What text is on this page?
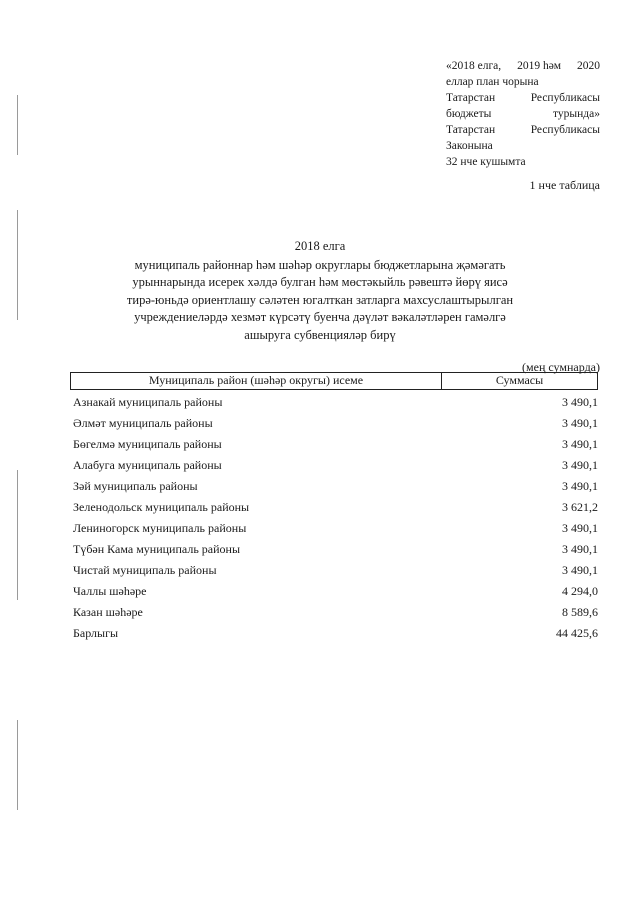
«2018 елга, 2019 һәм 2020
еллар план чорына
Татарстан	Республикасы
бюджеты	турында»
Татарстан	Республикасы
Законына
32 нче кушымта
1 нче таблица
2018 елга
муниципаль районнар һәм шәһәр округлары бюджетларына җәмәгать
урыннарында исерек хәлдә булган һәм мөстәкыйль рәвештә йөрү яисә
тирә-юньдә ориентлашу сәләтен югалткан затларга махсуслаштырылган
учреждениеләрдә хезмәт күрсәтү буенча дәүләт вәкаләтләрен гамәлгә
ашыруга субвенцияләр бирү
(мең сумнарда)
Муниципаль район (шәһәр округы) исеме	Суммасы
Азнакай муниципаль районы	3 490,1
Әлмәт муниципаль районы	3 490,1
Бөгелмә муниципаль районы	3 490,1
Алабуга муниципаль районы	3 490,1
Зәй муниципаль районы	3 490,1
Зеленодольск муниципаль районы	3 621,2
Лениногорск муниципаль районы	3 490,1
Түбән Кама муниципаль районы	3 490,1
Чистай муниципаль районы	3 490,1
Чаллы шәһәре	4 294,0
Казан шәһәре	8 589,6
Барлыгы	44 425,6
